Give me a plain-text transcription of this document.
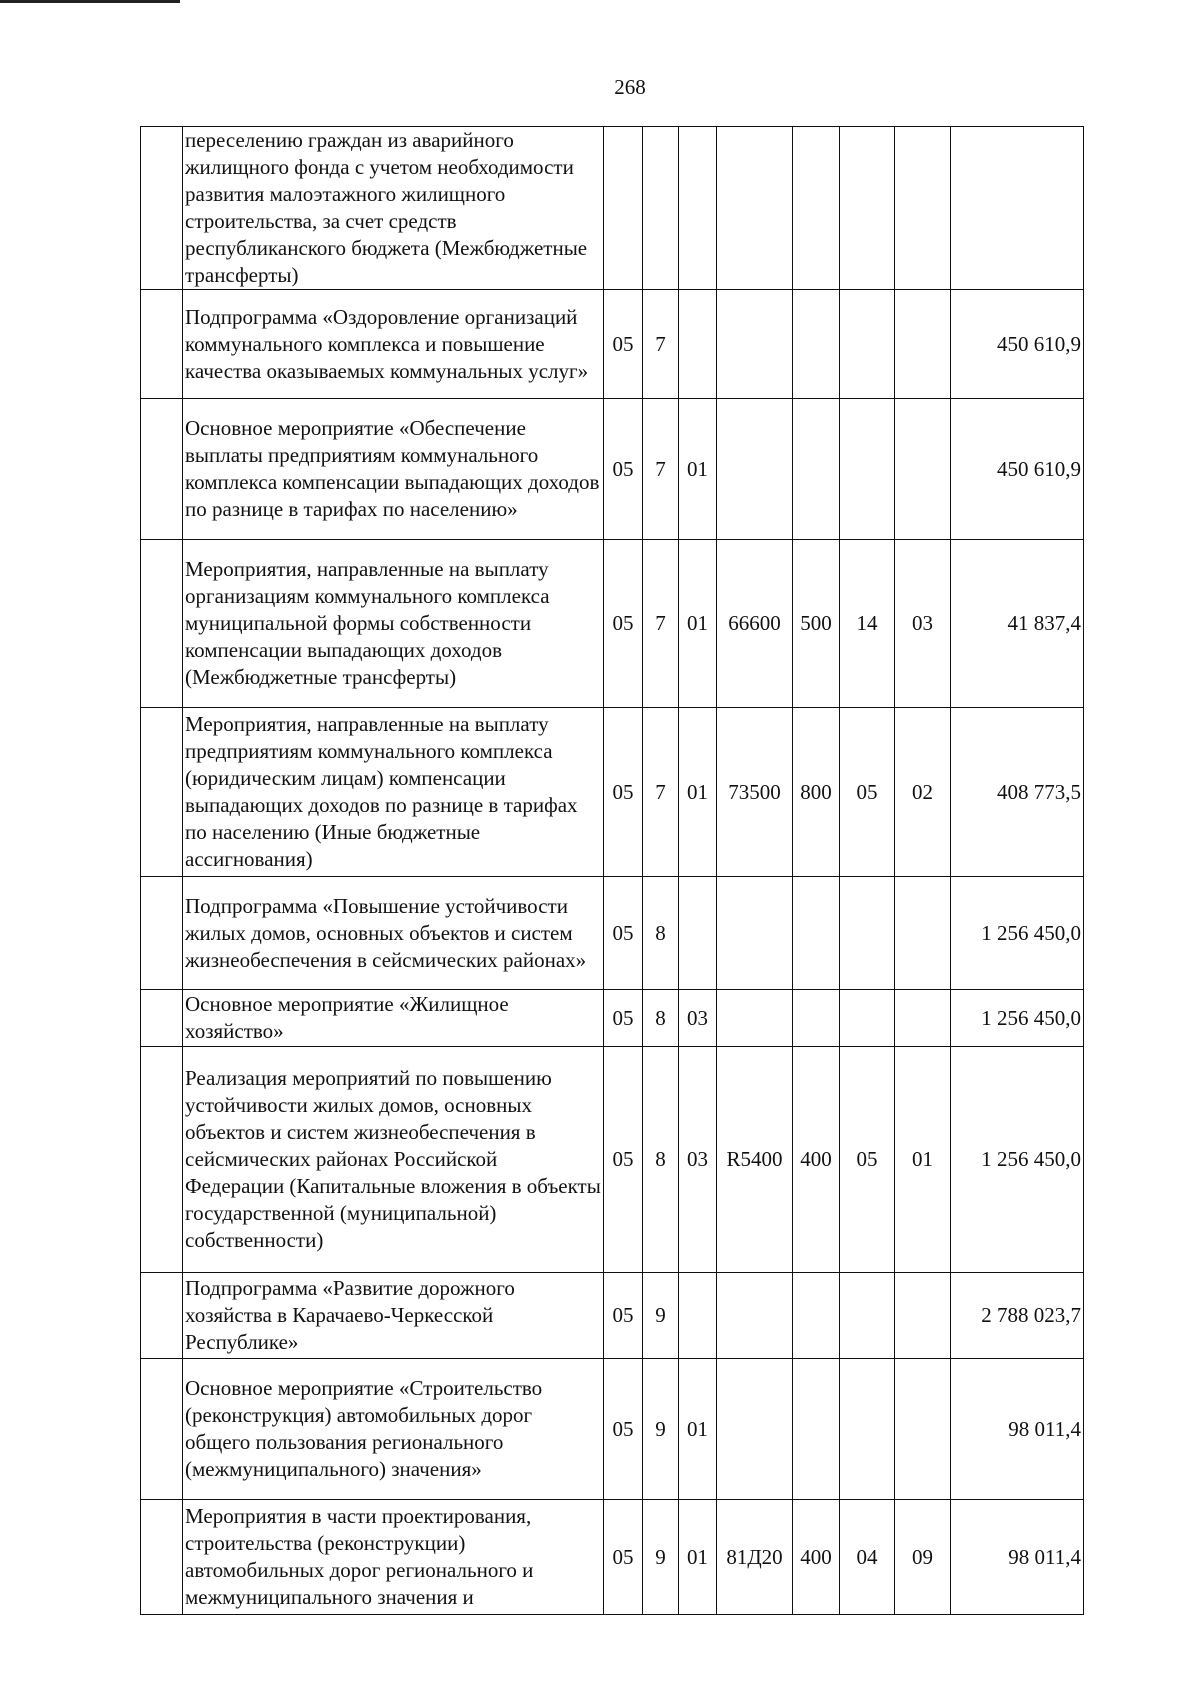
268
	переселению граждан из аварийного жилищного фонда с учетом необходимости развития малоэтажного жилищного строительства, за счет средств республиканского бюджета (Межбюджетные трансферты)								
	Подпрограмма «Оздоровление организаций коммунального комплекса и повышение качества оказываемых коммунальных услуг»	05	7						450 610,9
	Основное мероприятие «Обеспечение выплаты предприятиям коммунального комплекса компенсации выпадающих доходов по разнице в тарифах по населению»	05	7	01					450 610,9
	Мероприятия, направленные на выплату организациям коммунального комплекса муниципальной формы собственности компенсации выпадающих доходов (Межбюджетные трансферты)	05	7	01	66600	500	14	03	41 837,4
	Мероприятия, направленные на выплату предприятиям коммунального комплекса (юридическим лицам) компенсации выпадающих доходов по разнице в тарифах по населению (Иные бюджетные ассигнования)	05	7	01	73500	800	05	02	408 773,5
	Подпрограмма «Повышение устойчивости жилых домов, основных объектов и систем жизнеобеспечения в сейсмических районах»	05	8						1 256 450,0
	Основное мероприятие «Жилищное хозяйство»	05	8	03					1 256 450,0
	Реализация мероприятий по повышению устойчивости жилых домов, основных объектов и систем жизнеобеспечения в сейсмических районах Российской Федерации (Капитальные вложения в объекты государственной (муниципальной) собственности)	05	8	03	R5400	400	05	01	1 256 450,0
	Подпрограмма «Развитие дорожного хозяйства в Карачаево-Черкесской Республике»	05	9						2 788 023,7
	Основное мероприятие «Строительство (реконструкция) автомобильных дорог общего пользования регионального (межмуниципального) значения»	05	9	01					98 011,4
	Мероприятия в части проектирования, строительства (реконструкции) автомобильных дорог регионального и межмуниципального значения и	05	9	01	81Д20	400	04	09	98 011,4
